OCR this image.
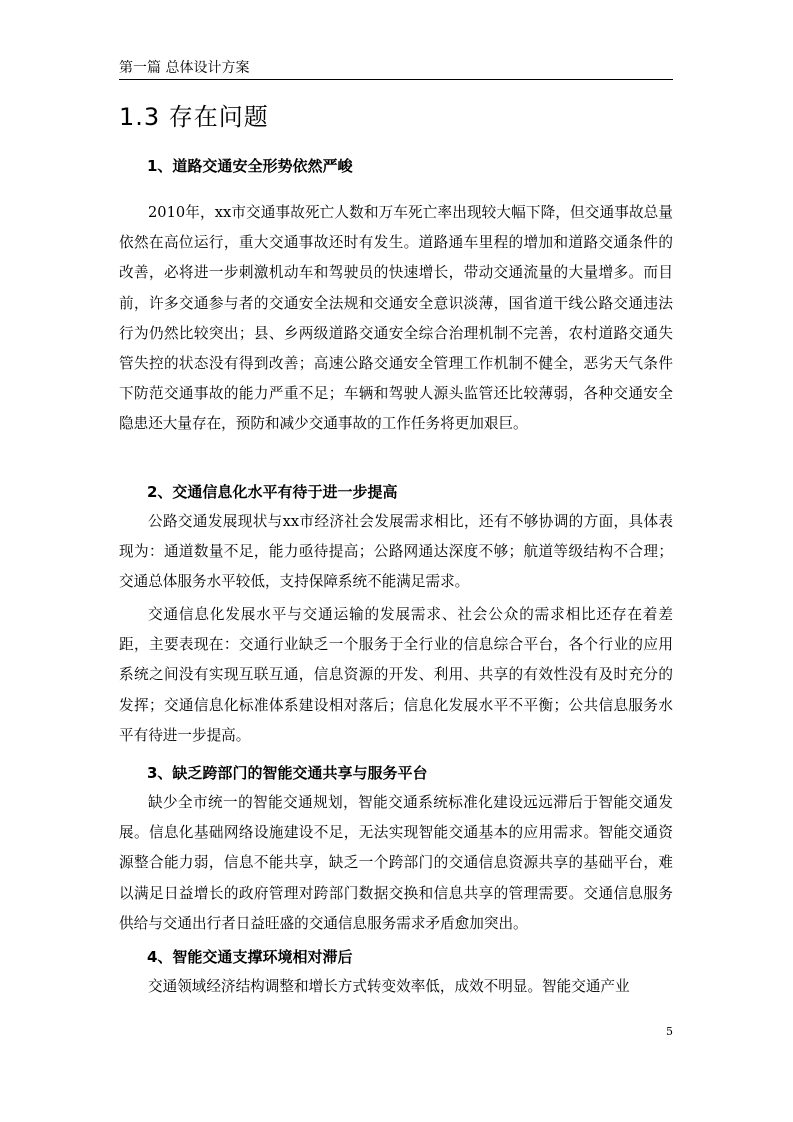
第一篇 总体设计方案
1.3 存在问题
1、道路交通安全形势依然严峻
2010年，xx市交通事故死亡人数和万车死亡率出现较大幅下降，但交通事故总量依然在高位运行，重大交通事故还时有发生。道路通车里程的增加和道路交通条件的改善，必将进一步刺激机动车和驾驶员的快速增长，带动交通流量的大量增多。而目前，许多交通参与者的交通安全法规和交通安全意识淡薄，国省道干线公路交通违法行为仍然比较突出；县、乡两级道路交通安全综合治理机制不完善，农村道路交通失管失控的状态没有得到改善；高速公路交通安全管理工作机制不健全，恶劣天气条件下防范交通事故的能力严重不足；车辆和驾驶人源头监管还比较薄弱，各种交通安全隐患还大量存在，预防和减少交通事故的工作任务将更加艰巨。
2、交通信息化水平有待于进一步提高
公路交通发展现状与xx市经济社会发展需求相比，还有不够协调的方面，具体表现为：通道数量不足，能力亟待提高；公路网通达深度不够；航道等级结构不合理；交通总体服务水平较低，支持保障系统不能满足需求。
交通信息化发展水平与交通运输的发展需求、社会公众的需求相比还存在着差距，主要表现在：交通行业缺乏一个服务于全行业的信息综合平台，各个行业的应用系统之间没有实现互联互通，信息资源的开发、利用、共享的有效性没有及时充分的发挥；交通信息化标准体系建设相对落后；信息化发展水平不平衡；公共信息服务水平有待进一步提高。
3、缺乏跨部门的智能交通共享与服务平台
缺少全市统一的智能交通规划，智能交通系统标准化建设远远滞后于智能交通发展。信息化基础网络设施建设不足，无法实现智能交通基本的应用需求。智能交通资源整合能力弱，信息不能共享，缺乏一个跨部门的交通信息资源共享的基础平台，难以满足日益增长的政府管理对跨部门数据交换和信息共享的管理需要。交通信息服务供给与交通出行者日益旺盛的交通信息服务需求矛盾愈加突出。
4、智能交通支撑环境相对滞后
交通领域经济结构调整和增长方式转变效率低，成效不明显。智能交通产业
5
